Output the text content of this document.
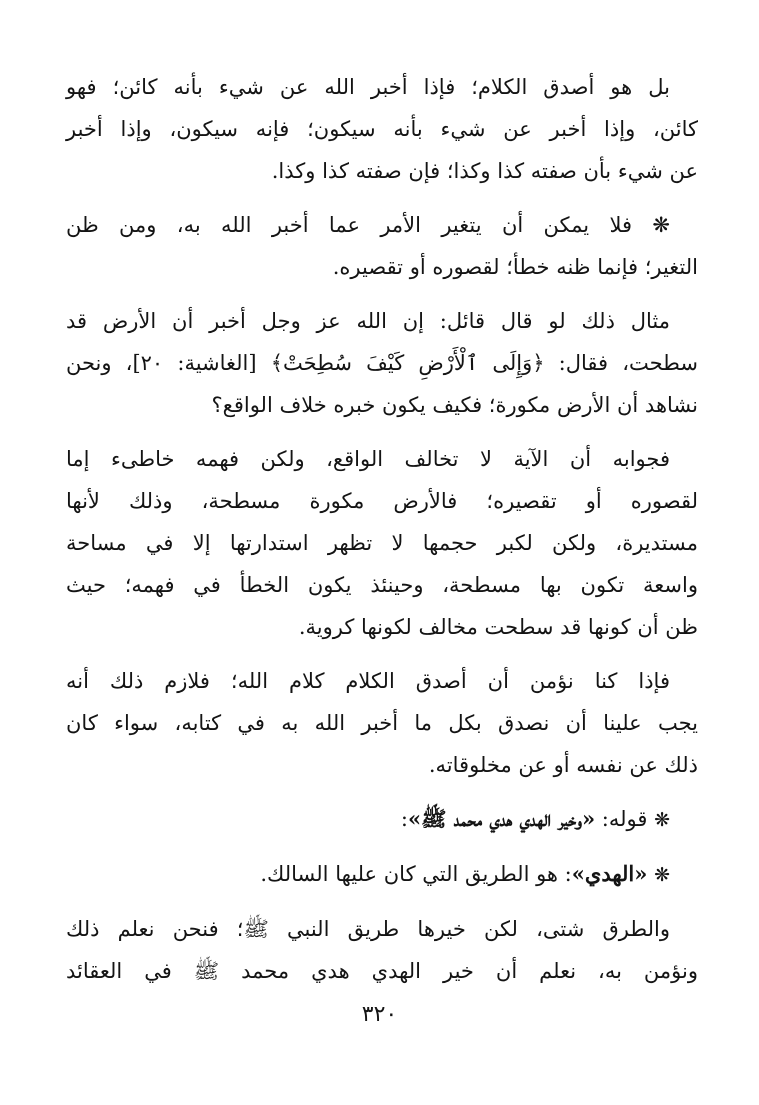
بل هو أصدق الكلام؛ فإذا أخبر الله عن شيء بأنه كائن؛ فهو
كائن، وإذا أخبر عن شيء بأنه سيكون؛ فإنه سيكون، وإذا أخبر
عن شيء بأن صفته كذا وكذا؛ فإن صفته كذا وكذا.

❋ فلا يمكن أن يتغير الأمر عما أخبر الله به، ومن ظن
التغير؛ فإنما ظنه خطأ؛ لقصوره أو تقصيره.

مثال ذلك لو قال قائل: إن الله عز وجل أخبر أن الأرض قد
سطحت، فقال: ﴿وَإِلَى ٱلْأَرْضِ كَيْفَ سُطِحَتْ﴾ [الغاشية: ٢٠]، ونحن
نشاهد أن الأرض مكورة؛ فكيف يكون خبره خلاف الواقع؟

فجوابه أن الآية لا تخالف الواقع، ولكن فهمه خاطىء إما
لقصوره أو تقصيره؛ فالأرض مكورة مسطحة، وذلك لأنها
مستديرة، ولكن لكبر حجمها لا تظهر استدارتها إلا في مساحة
واسعة تكون بها مسطحة، وحينئذ يكون الخطأ في فهمه؛ حيث
ظن أن كونها قد سطحت مخالف لكونها كروية.

فإذا كنا نؤمن أن أصدق الكلام كلام الله؛ فلازم ذلك أنه
يجب علينا أن نصدق بكل ما أخبر الله به في كتابه، سواء كان
ذلك عن نفسه أو عن مخلوقاته.

❋ قوله: «وخير الهدي هدي محمد ﷺ»:

❋ «الهدي»: هو الطريق التي كان عليها السالك.

والطرق شتى، لكن خيرها طريق النبي ﷺ؛ فنحن نعلم ذلك
ونؤمن به، نعلم أن خير الهدي هدي محمد ﷺ في العقائد

٣٢٠
